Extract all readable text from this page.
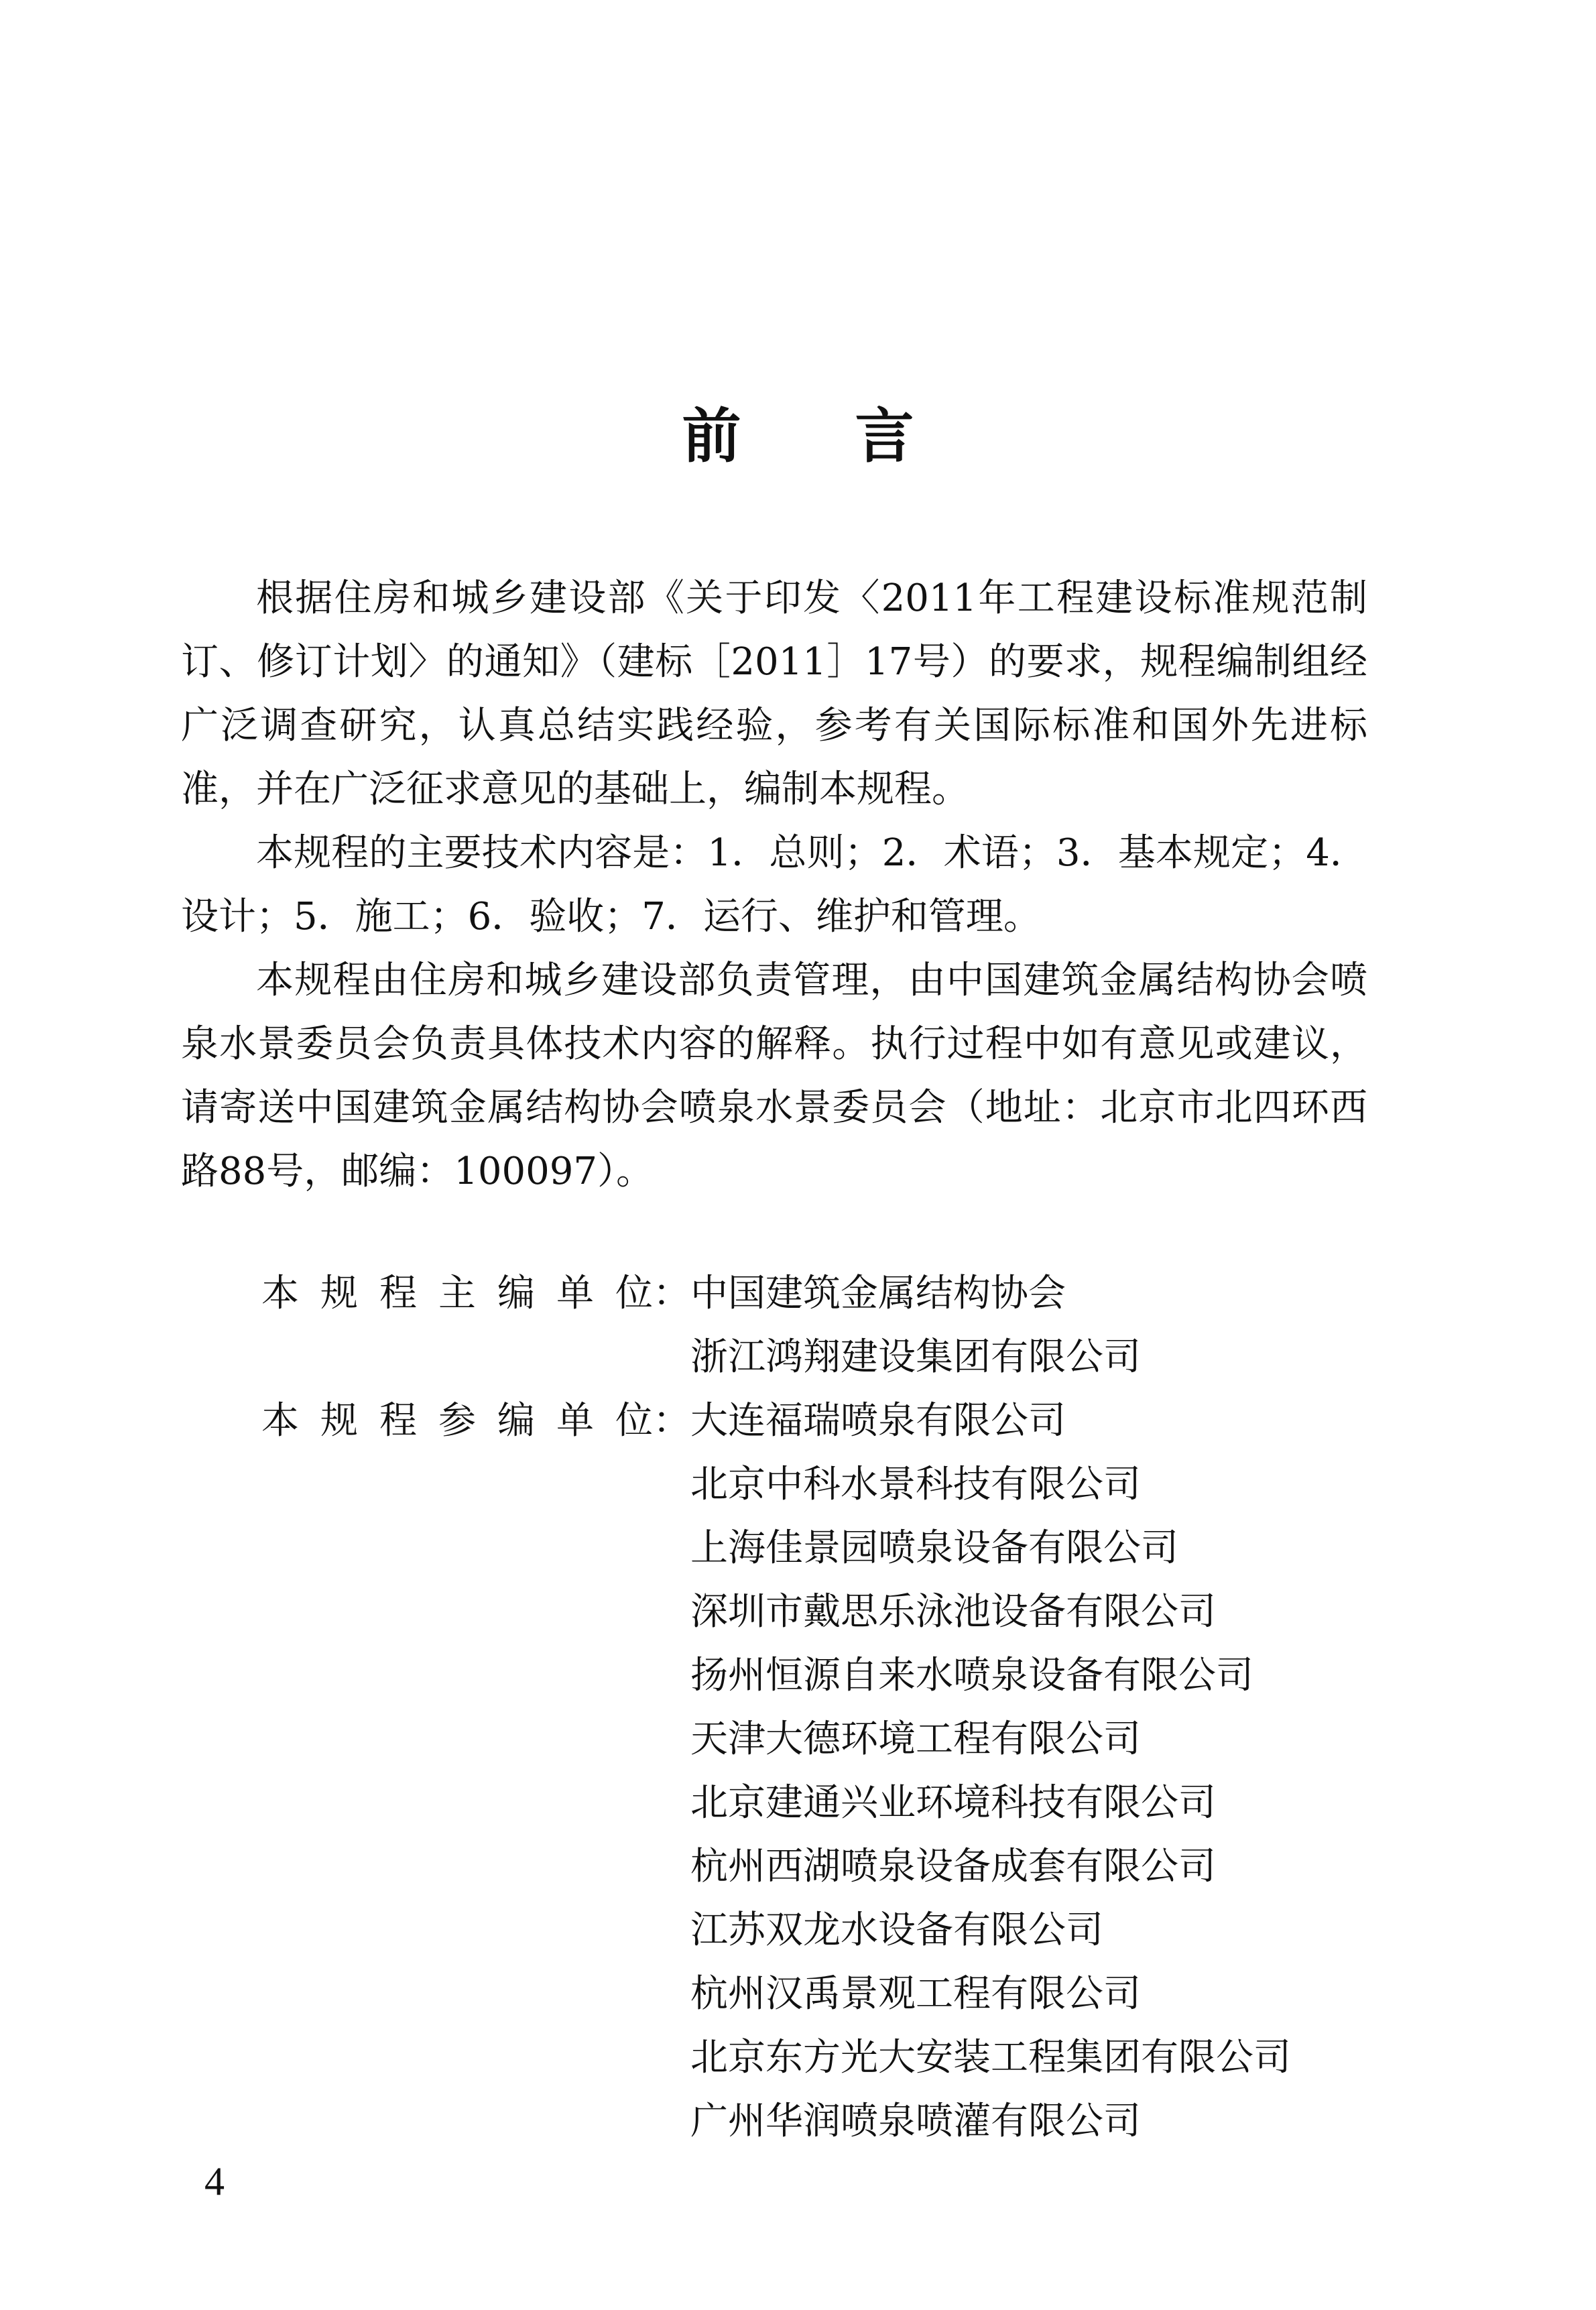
前 言

根据住房和城乡建设部《关于印发〈2011年工程建设标准规范制订、修订计划〉的通知》（建标［2011］17号）的要求，规程编制组经广泛调查研究，认真总结实践经验，参考有关国际标准和国外先进标准，并在广泛征求意见的基础上，编制本规程。

本规程的主要技术内容是：1．总则；2．术语；3．基本规定；4．设计；5．施工；6．验收；7．运行、维护和管理。

本规程由住房和城乡建设部负责管理，由中国建筑金属结构协会喷泉水景委员会负责具体技术内容的解释。执行过程中如有意见或建议，请寄送中国建筑金属结构协会喷泉水景委员会（地址：北京市北四环西路88号，邮编：100097）。

本 规 程 主 编 单 位： 中国建筑金属结构协会
浙江鸿翔建设集团有限公司
本 规 程 参 编 单 位： 大连福瑞喷泉有限公司
北京中科水景科技有限公司
上海佳景园喷泉设备有限公司
深圳市戴思乐泳池设备有限公司
扬州恒源自来水喷泉设备有限公司
天津大德环境工程有限公司
北京建通兴业环境科技有限公司
杭州西湖喷泉设备成套有限公司
江苏双龙水设备有限公司
杭州汉禹景观工程有限公司
北京东方光大安装工程集团有限公司
广州华润喷泉喷灌有限公司
4
